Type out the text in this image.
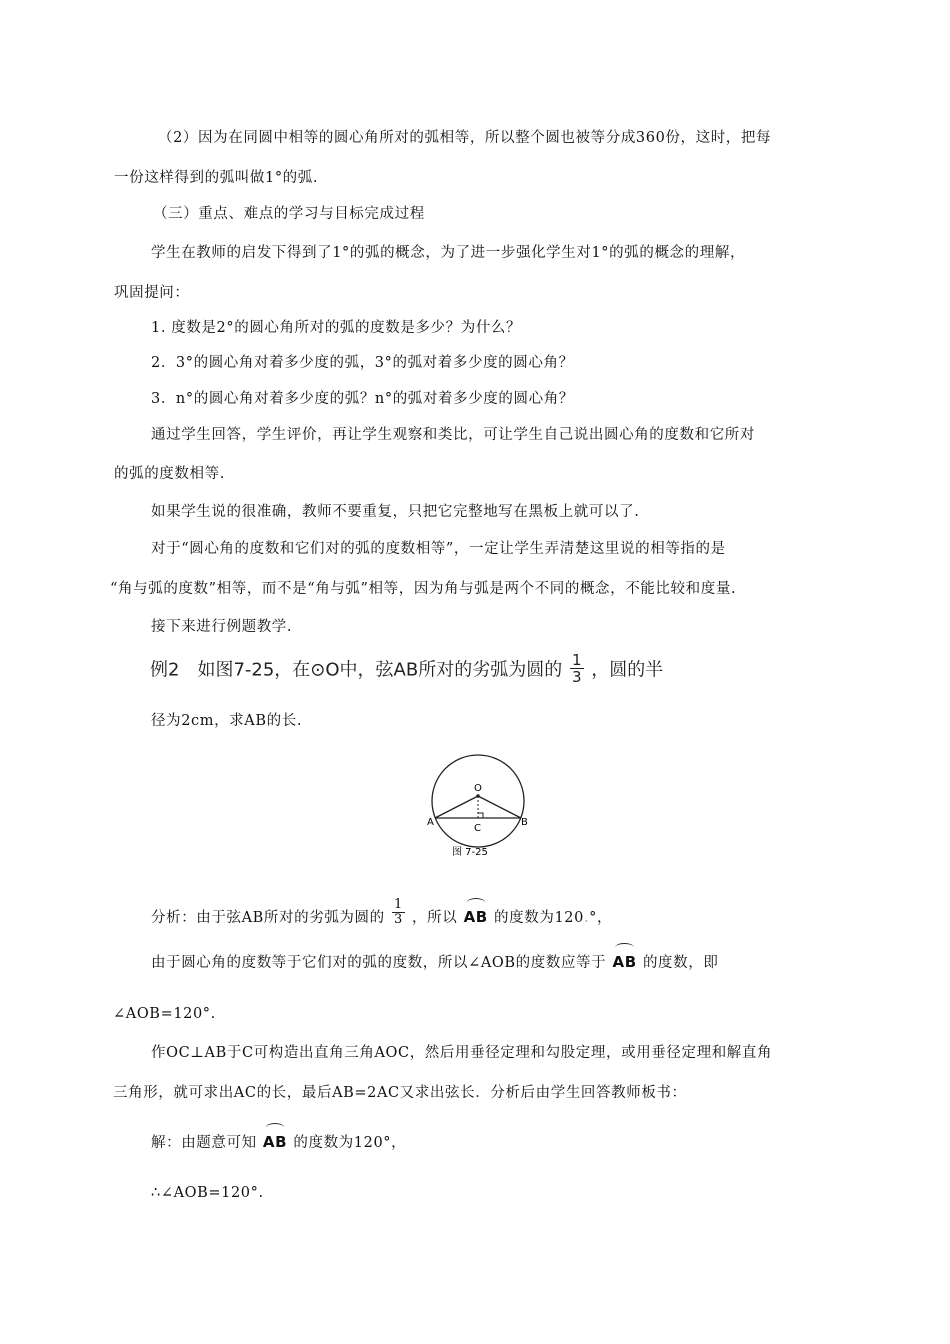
（2）因为在同圆中相等的圆心角所对的弧相等，所以整个圆也被等分成360份，这时，把每
一份这样得到的弧叫做1°的弧.
（三）重点、难点的学习与目标完成过程
学生在教师的启发下得到了1°的弧的概念，为了进一步强化学生对1°的弧的概念的理解，
巩固提问：
1. 度数是2°的圆心角所对的弧的度数是多少？为什么？
2．3°的圆心角对着多少度的弧，3°的弧对着多少度的圆心角？
3．n°的圆心角对着多少度的弧？n°的弧对着多少度的圆心角？
通过学生回答，学生评价，再让学生观察和类比，可让学生自己说出圆心角的度数和它所对
的弧的度数相等.
如果学生说的很准确，教师不要重复，只把它完整地写在黑板上就可以了.
对于“圆心角的度数和它们对的弧的度数相等”，一定让学生弄清楚这里说的相等指的是
“角与弧的度数”相等，而不是“角与弧”相等，因为角与弧是两个不同的概念，不能比较和度量.
接下来进行例题教学.
例2　如图7-25，在⊙O中，弦AB所对的劣弧为圆的 $\frac{1}{3}$ ，圆的半
径为2cm，求AB的长.
O
A	B
C
图 7-25
分析：由于弦AB所对的劣弧为圆的 $\frac{1}{3}$ ，所以 AB 的度数为120.°，
由于圆心角的度数等于它们对的弧的度数，所以∠AOB的度数应等于 AB 的度数，即
∠AOB=120°.
作OC⊥AB于C可构造出直角三角AOC，然后用垂径定理和勾股定理，或用垂径定理和解直角
三角形，就可求出AC的长，最后AB=2AC又求出弦长．分析后由学生回答教师板书：
解：由题意可知 AB 的度数为120°，
∴∠AOB=120°.
